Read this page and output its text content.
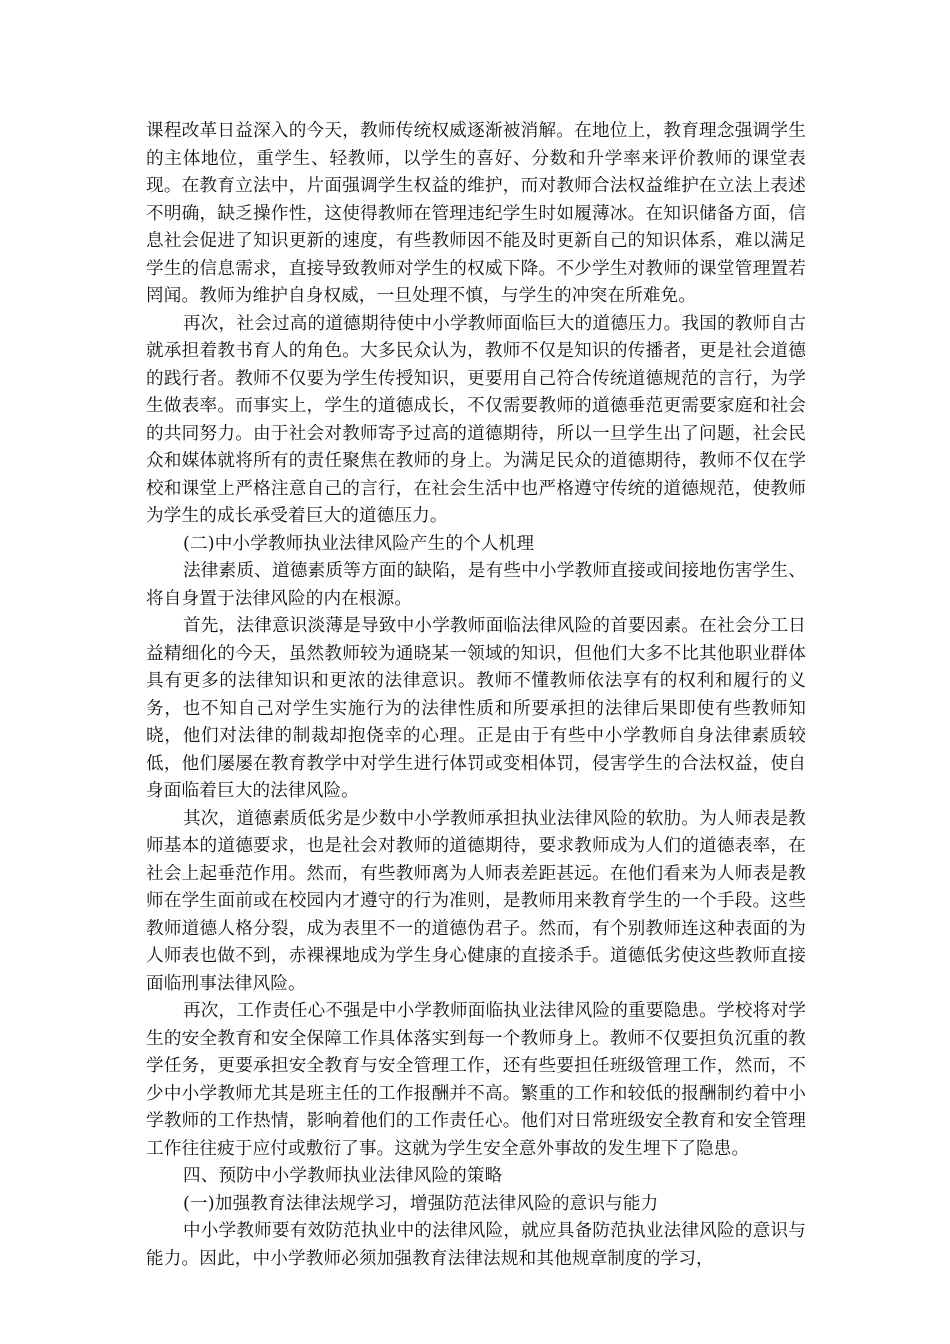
课程改革日益深入的今天，教师传统权威逐渐被消解。在地位上，教育理念强调学生的主体地位，重学生、轻教师，以学生的喜好、分数和升学率来评价教师的课堂表现。在教育立法中，片面强调学生权益的维护，而对教师合法权益维护在立法上表述不明确，缺乏操作性，这使得教师在管理违纪学生时如履薄冰。在知识储备方面，信息社会促进了知识更新的速度，有些教师因不能及时更新自己的知识体系，难以满足学生的信息需求，直接导致教师对学生的权威下降。不少学生对教师的课堂管理置若罔闻。教师为维护自身权威，一旦处理不慎，与学生的冲突在所难免。

再次，社会过高的道德期待使中小学教师面临巨大的道德压力。我国的教师自古就承担着教书育人的角色。大多民众认为，教师不仅是知识的传播者，更是社会道德的践行者。教师不仅要为学生传授知识，更要用自己符合传统道德规范的言行，为学生做表率。而事实上，学生的道德成长，不仅需要教师的道德垂范更需要家庭和社会的共同努力。由于社会对教师寄予过高的道德期待，所以一旦学生出了问题，社会民众和媒体就将所有的责任聚焦在教师的身上。为满足民众的道德期待，教师不仅在学校和课堂上严格注意自己的言行，在社会生活中也严格遵守传统的道德规范，使教师为学生的成长承受着巨大的道德压力。

(二)中小学教师执业法律风险产生的个人机理

法律素质、道德素质等方面的缺陷，是有些中小学教师直接或间接地伤害学生、将自身置于法律风险的内在根源。

首先，法律意识淡薄是导致中小学教师面临法律风险的首要因素。在社会分工日益精细化的今天，虽然教师较为通晓某一领域的知识，但他们大多不比其他职业群体具有更多的法律知识和更浓的法律意识。教师不懂教师依法享有的权利和履行的义务，也不知自己对学生实施行为的法律性质和所要承担的法律后果即使有些教师知晓，他们对法律的制裁却抱侥幸的心理。正是由于有些中小学教师自身法律素质较低，他们屡屡在教育教学中对学生进行体罚或变相体罚，侵害学生的合法权益，使自身面临着巨大的法律风险。

其次，道德素质低劣是少数中小学教师承担执业法律风险的软肋。为人师表是教师基本的道德要求，也是社会对教师的道德期待，要求教师成为人们的道德表率，在社会上起垂范作用。然而，有些教师离为人师表差距甚远。在他们看来为人师表是教师在学生面前或在校园内才遵守的行为准则，是教师用来教育学生的一个手段。这些教师道德人格分裂，成为表里不一的道德伪君子。然而，有个别教师连这种表面的为人师表也做不到，赤裸裸地成为学生身心健康的直接杀手。道德低劣使这些教师直接面临刑事法律风险。

再次，工作责任心不强是中小学教师面临执业法律风险的重要隐患。学校将对学生的安全教育和安全保障工作具体落实到每一个教师身上。教师不仅要担负沉重的教学任务，更要承担安全教育与安全管理工作，还有些要担任班级管理工作，然而，不少中小学教师尤其是班主任的工作报酬并不高。繁重的工作和较低的报酬制约着中小学教师的工作热情，影响着他们的工作责任心。他们对日常班级安全教育和安全管理工作往往疲于应付或敷衍了事。这就为学生安全意外事故的发生埋下了隐患。

四、预防中小学教师执业法律风险的策略

(一)加强教育法律法规学习，增强防范法律风险的意识与能力

中小学教师要有效防范执业中的法律风险，就应具备防范执业法律风险的意识与能力。因此，中小学教师必须加强教育法律法规和其他规章制度的学习，
